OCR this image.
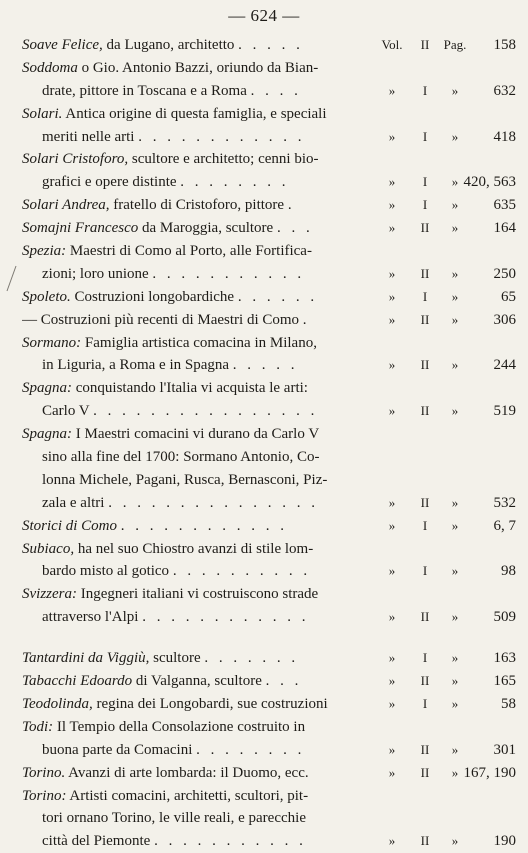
— 624 —
Soave Felice, da Lugano, architetto . . . . .	Vol.	II	Pag. 158
Soddoma o Gio. Antonio Bazzi, oriundo da Bian-
drate, pittore in Toscana e a Roma . . . .	»	I	»	632
Solari. Antica origine di questa famiglia, e speciali
meriti nelle arti . . . . . . . . . . . .	»	I	»	418
Solari Cristoforo, scultore e architetto; cenni bio-
grafici e opere distinte . . . . . . . .	»	I	» 420, 563
Solari Andrea, fratello di Cristoforo, pittore .	»	I	»	635
Somajni Francesco da Maroggia, scultore . . .	»	II	»	164
Spezia: Maestri di Como al Porto, alle Fortifica-
zioni; loro unione . . . . . . . . . . .	»	II	»	250
Spoleto. Costruzioni longobardiche . . . . . .	»	I	»	65
— Costruzioni più recenti di Maestri di Como .	»	II	»	306
Sormano: Famiglia artistica comacina in Milano,
in Liguria, a Roma e in Spagna . . . . .	»	II	»	244
Spagna: conquistando l'Italia vi acquista le arti:
Carlo V . . . . . . . . . . . . . . . .	»	II	»	519
Spagna: I Maestri comacini vi durano da Carlo V
sino alla fine del 1700: Sormano Antonio, Co-
lonna Michele, Pagani, Rusca, Bernasconi, Piz-
zala e altri . . . . . . . . . . . . . . .	»	II	»	532
Storici di Como . . . . . . . . . . . .	»	I	»	6, 7
Subiaco, ha nel suo Chiostro avanzi di stile lom-
bardo misto al gotico . . . . . . . . . .	»	I	»	98
Svizzera: Ingegneri italiani vi costruiscono strade
attraverso l'Alpi . . . . . . . . . . . .	»	II	»	509
Tantardini da Viggiù, scultore . . . . . . .	»	I	»	163
Tabacchi Edoardo di Valganna, scultore . . .	»	II	»	165
Teodolinda, regina dei Longobardi, sue costruzioni	»	I	»	58
Todi: Il Tempio della Consolazione costruito in
buona parte da Comacini . . . . . . . .	»	II	»	301
Torino. Avanzi di arte lombarda: il Duomo, ecc.	»	II	» 167, 190
Torino: Artisti comacini, architetti, scultori, pit-
tori ornano Torino, le ville reali, e parecchie
città del Piemonte . . . . . . . . . . .	»	II	»	190
